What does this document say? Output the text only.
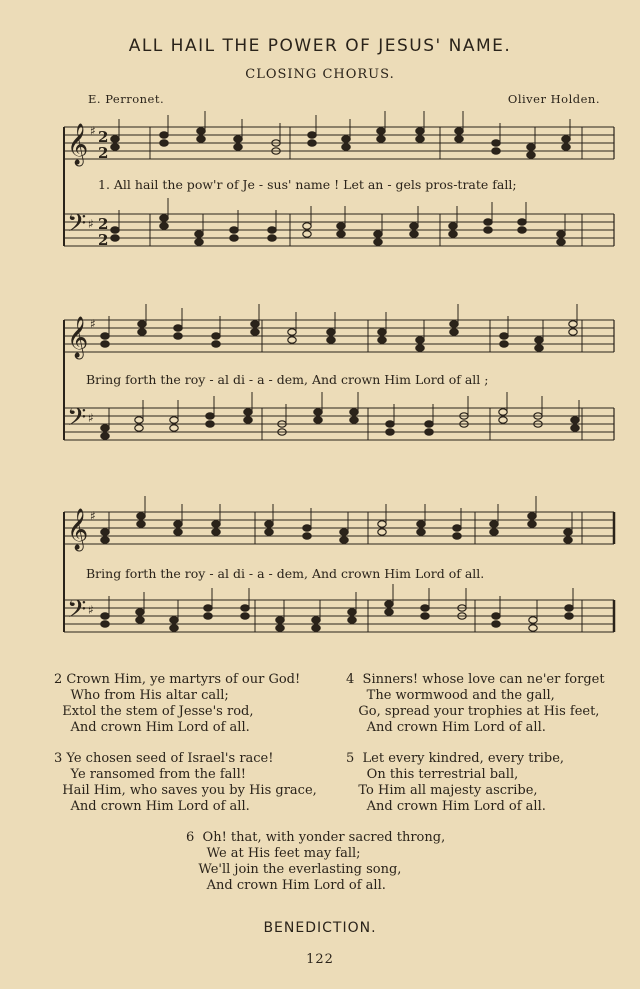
ALL HAIL THE POWER OF JESUS' NAME.
CLOSING CHORUS.
E. Perronet.	Oliver Holden.
𝄞 ♯ 2
2
𝄢 ♯ 2
2
𝄞 ♯
𝄢 ♯
𝄞 ♯
𝄢 ♯
1. All hail the pow'r of Je - sus' name ! Let an - gels pros-trate fall;
Bring forth the roy - al di - a - dem, And crown Him Lord of all ;
Bring forth the roy - al di - a - dem, And crown Him Lord of all.
2 Crown Him, ye martyrs of our God!
Who from His altar call;
Extol the stem of Jesse's rod,
And crown Him Lord of all.
4  Sinners! whose love can ne'er forget
The wormwood and the gall,
Go, spread your trophies at His feet,
And crown Him Lord of all.
3 Ye chosen seed of Israel's race!
Ye ransomed from the fall!
Hail Him, who saves you by His grace,
And crown Him Lord of all.
5  Let every kindred, every tribe,
On this terrestrial ball,
To Him all majesty ascribe,
And crown Him Lord of all.
6  Oh! that, with yonder sacred throng,
We at His feet may fall;
We'll join the everlasting song,
And crown Him Lord of all.
BENEDICTION.
122
